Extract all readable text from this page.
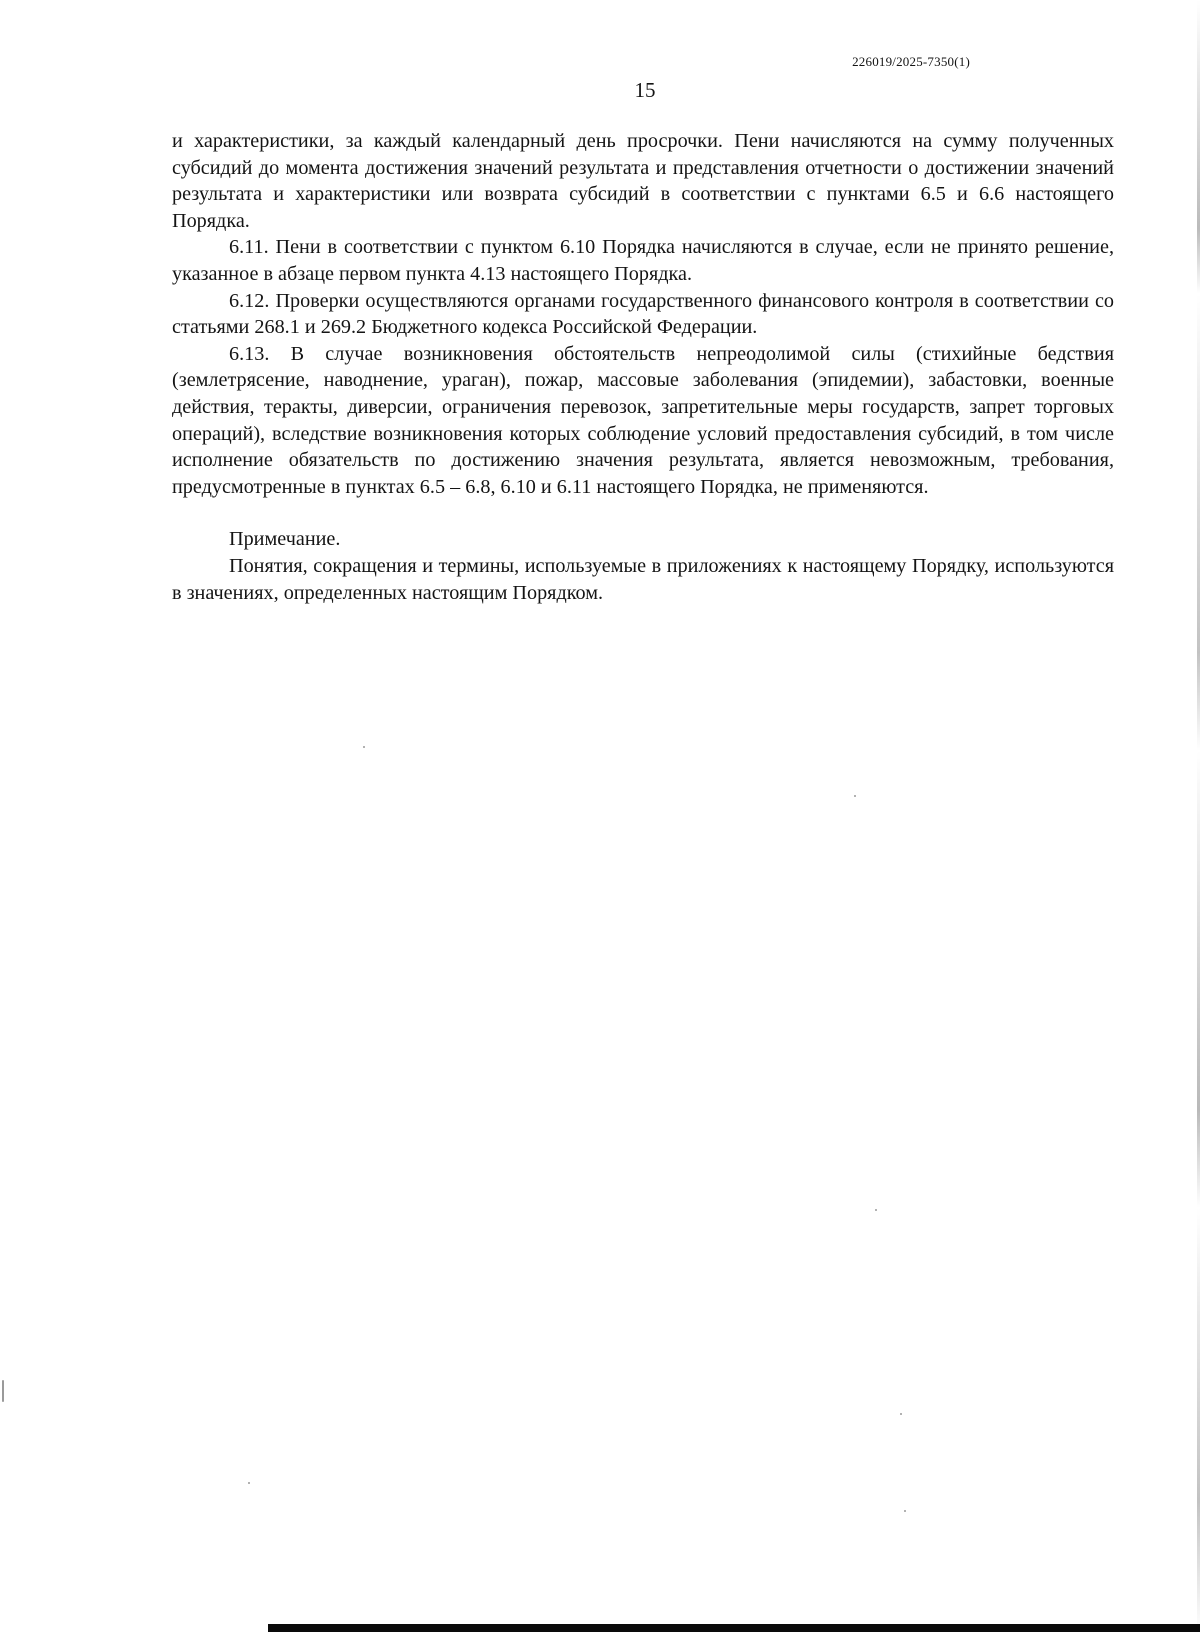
226019/2025-7350(1)
15

и характеристики, за каждый календарный день просрочки. Пени начисляются на сумму полученных субсидий до момента достижения значений результата и представления отчетности о достижении значений результата и характеристики или возврата субсидий в соответствии с пунктами 6.5 и 6.6 настоящего Порядка.

6.11. Пени в соответствии с пунктом 6.10 Порядка начисляются в случае, если не принято решение, указанное в абзаце первом пункта 4.13 настоящего Порядка.

6.12. Проверки осуществляются органами государственного финансового контроля в соответствии со статьями 268.1 и 269.2 Бюджетного кодекса Российской Федерации.

6.13. В случае возникновения обстоятельств непреодолимой силы (стихийные бедствия (землетрясение, наводнение, ураган), пожар, массовые заболевания (эпидемии), забастовки, военные действия, теракты, диверсии, ограничения перевозок, запретительные меры государств, запрет торговых операций), вследствие возникновения которых соблюдение условий предоставления субсидий, в том числе исполнение обязательств по достижению значения результата, является невозможным, требования, предусмотренные в пунктах 6.5 – 6.8, 6.10 и 6.11 настоящего Порядка, не применяются.

Примечание.

Понятия, сокращения и термины, используемые в приложениях к настоящему Порядку, используются в значениях, определенных настоящим Порядком.
